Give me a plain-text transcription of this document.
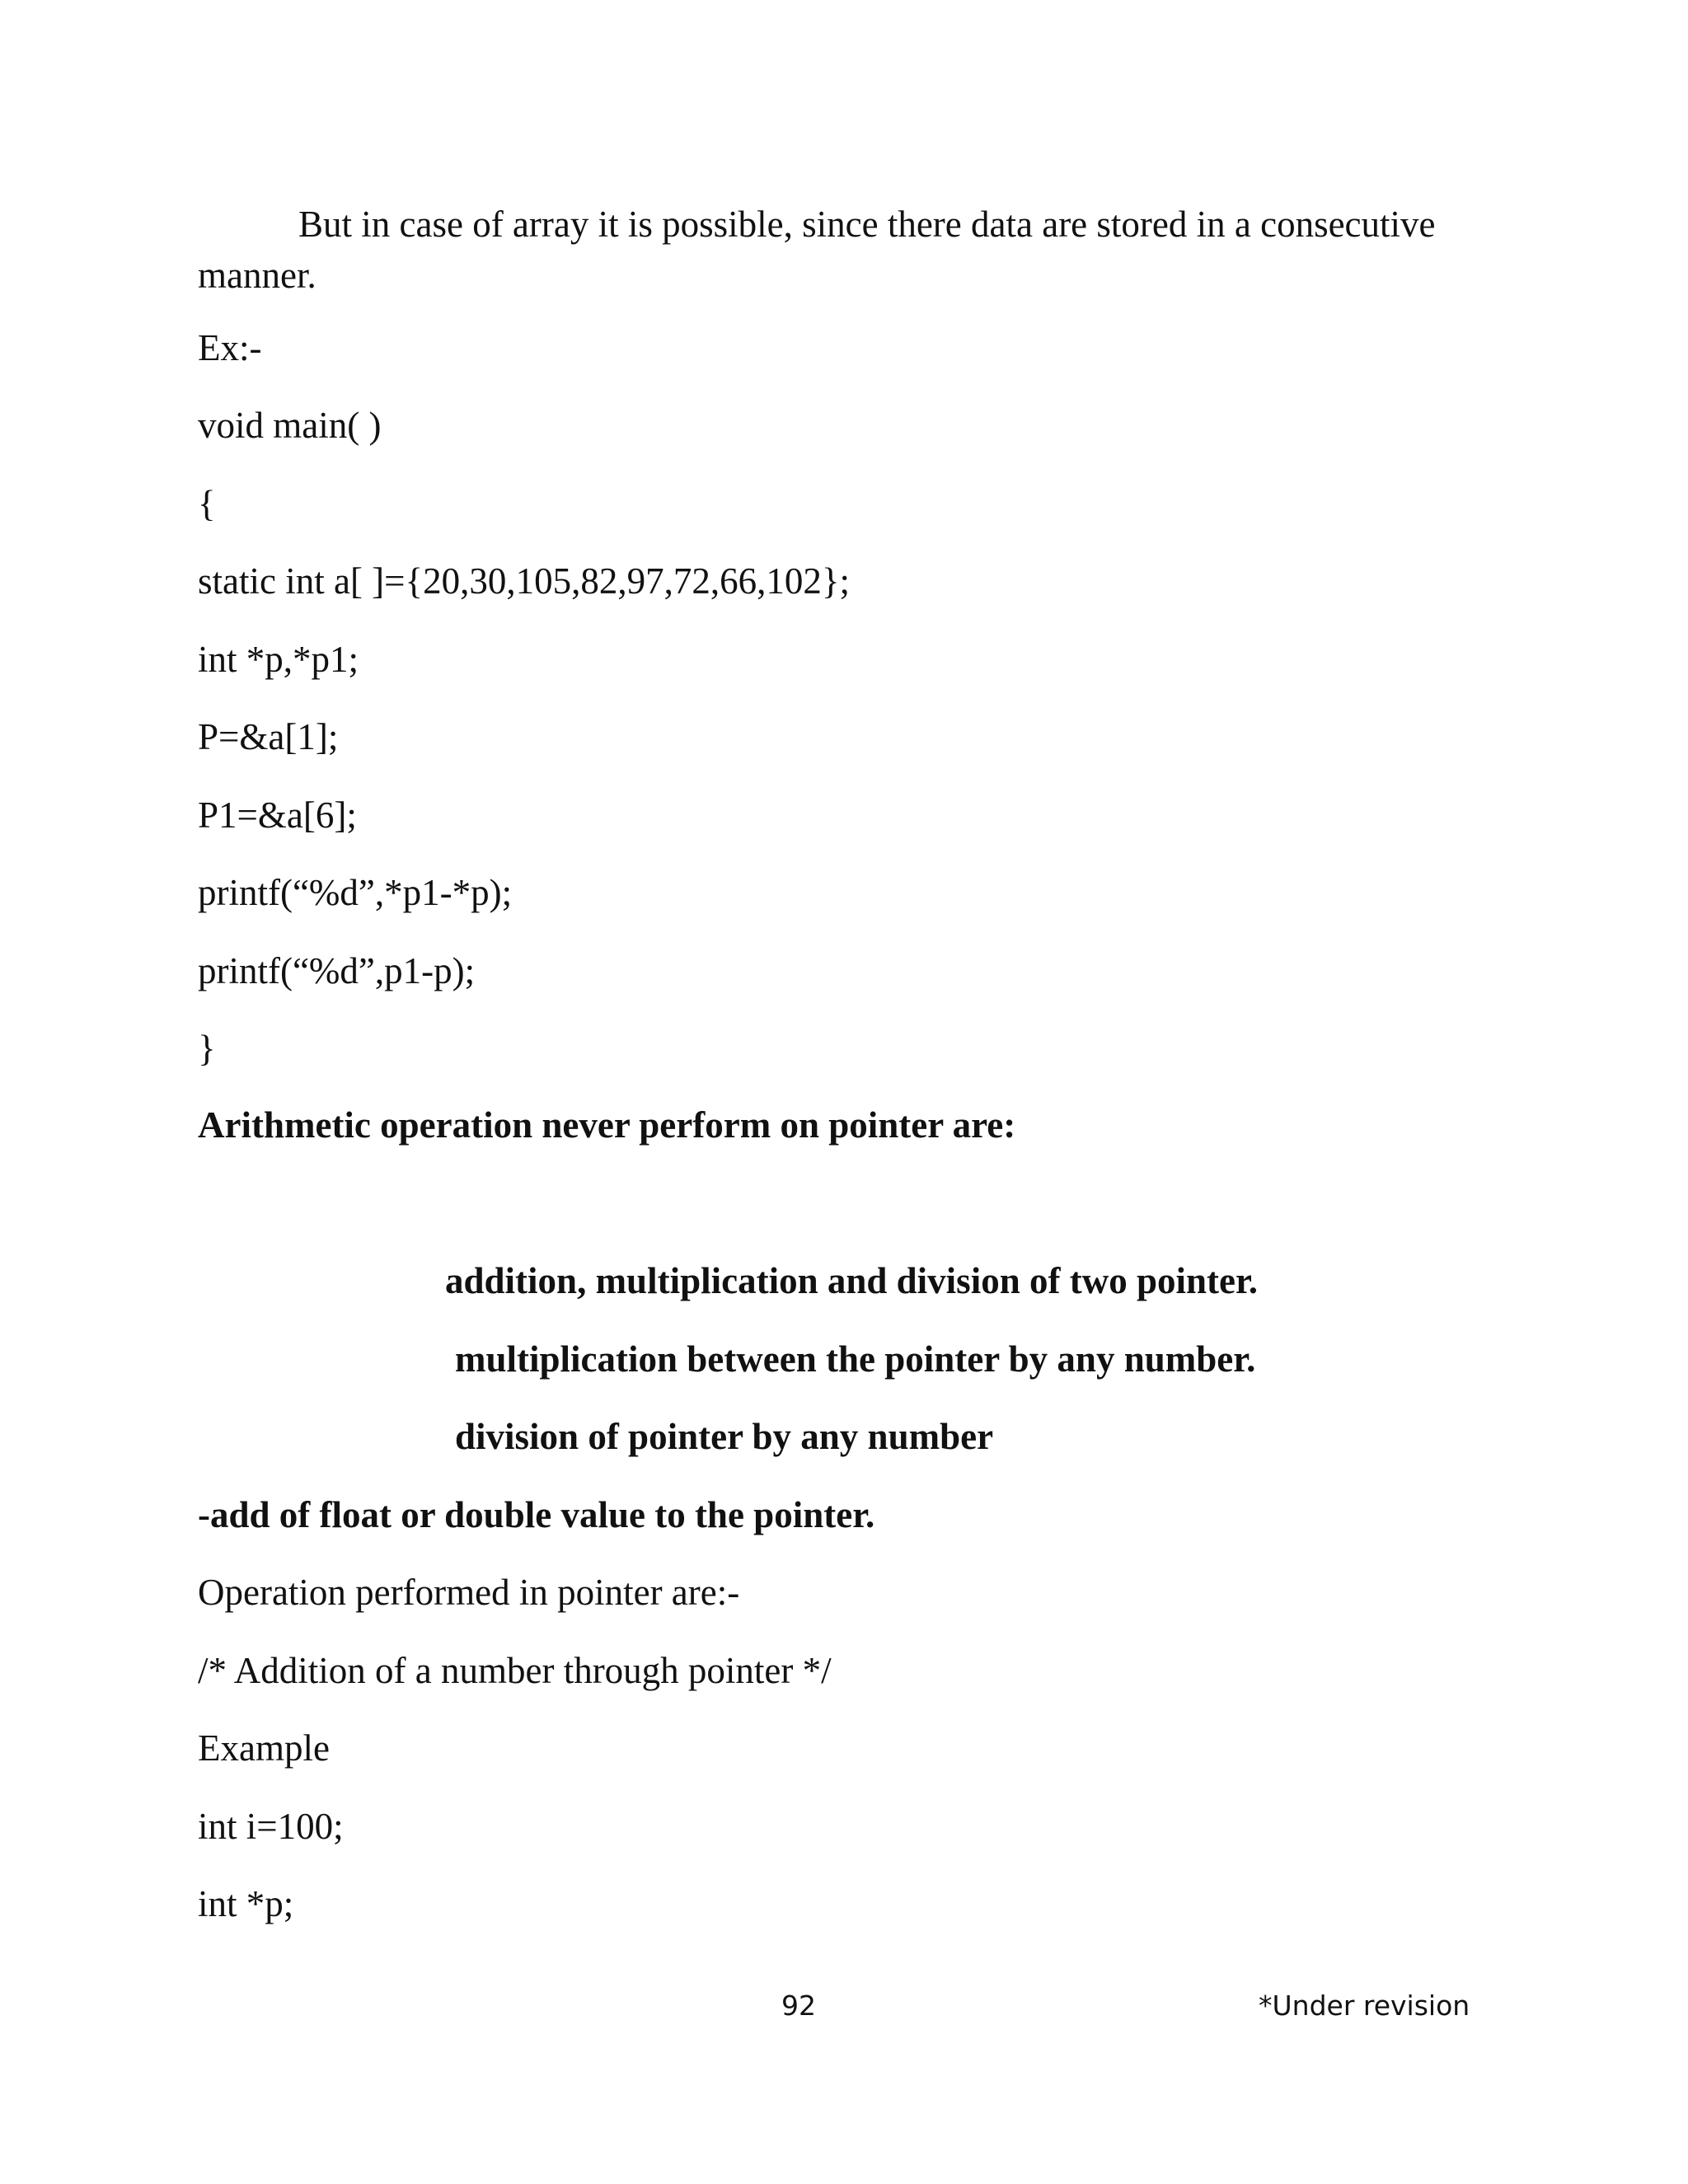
But in case of array it is possible, since there data are stored in a consecutive manner.

Ex:-
void main( )
{
static int a[ ]={20,30,105,82,97,72,66,102};
int *p,*p1;
P=&a[1];
P1=&a[6];
printf(“%d”,*p1-*p);
printf(“%d”,p1-p);
}
Arithmetic operation never perform on pointer are:
addition, multiplication and division of two pointer.
multiplication between the pointer by any number.
division of pointer by any number
-add of float or double value to the pointer.
Operation performed in pointer are:-
/* Addition of a number through pointer */
Example
int i=100;
int *p;
92	*Under revision
